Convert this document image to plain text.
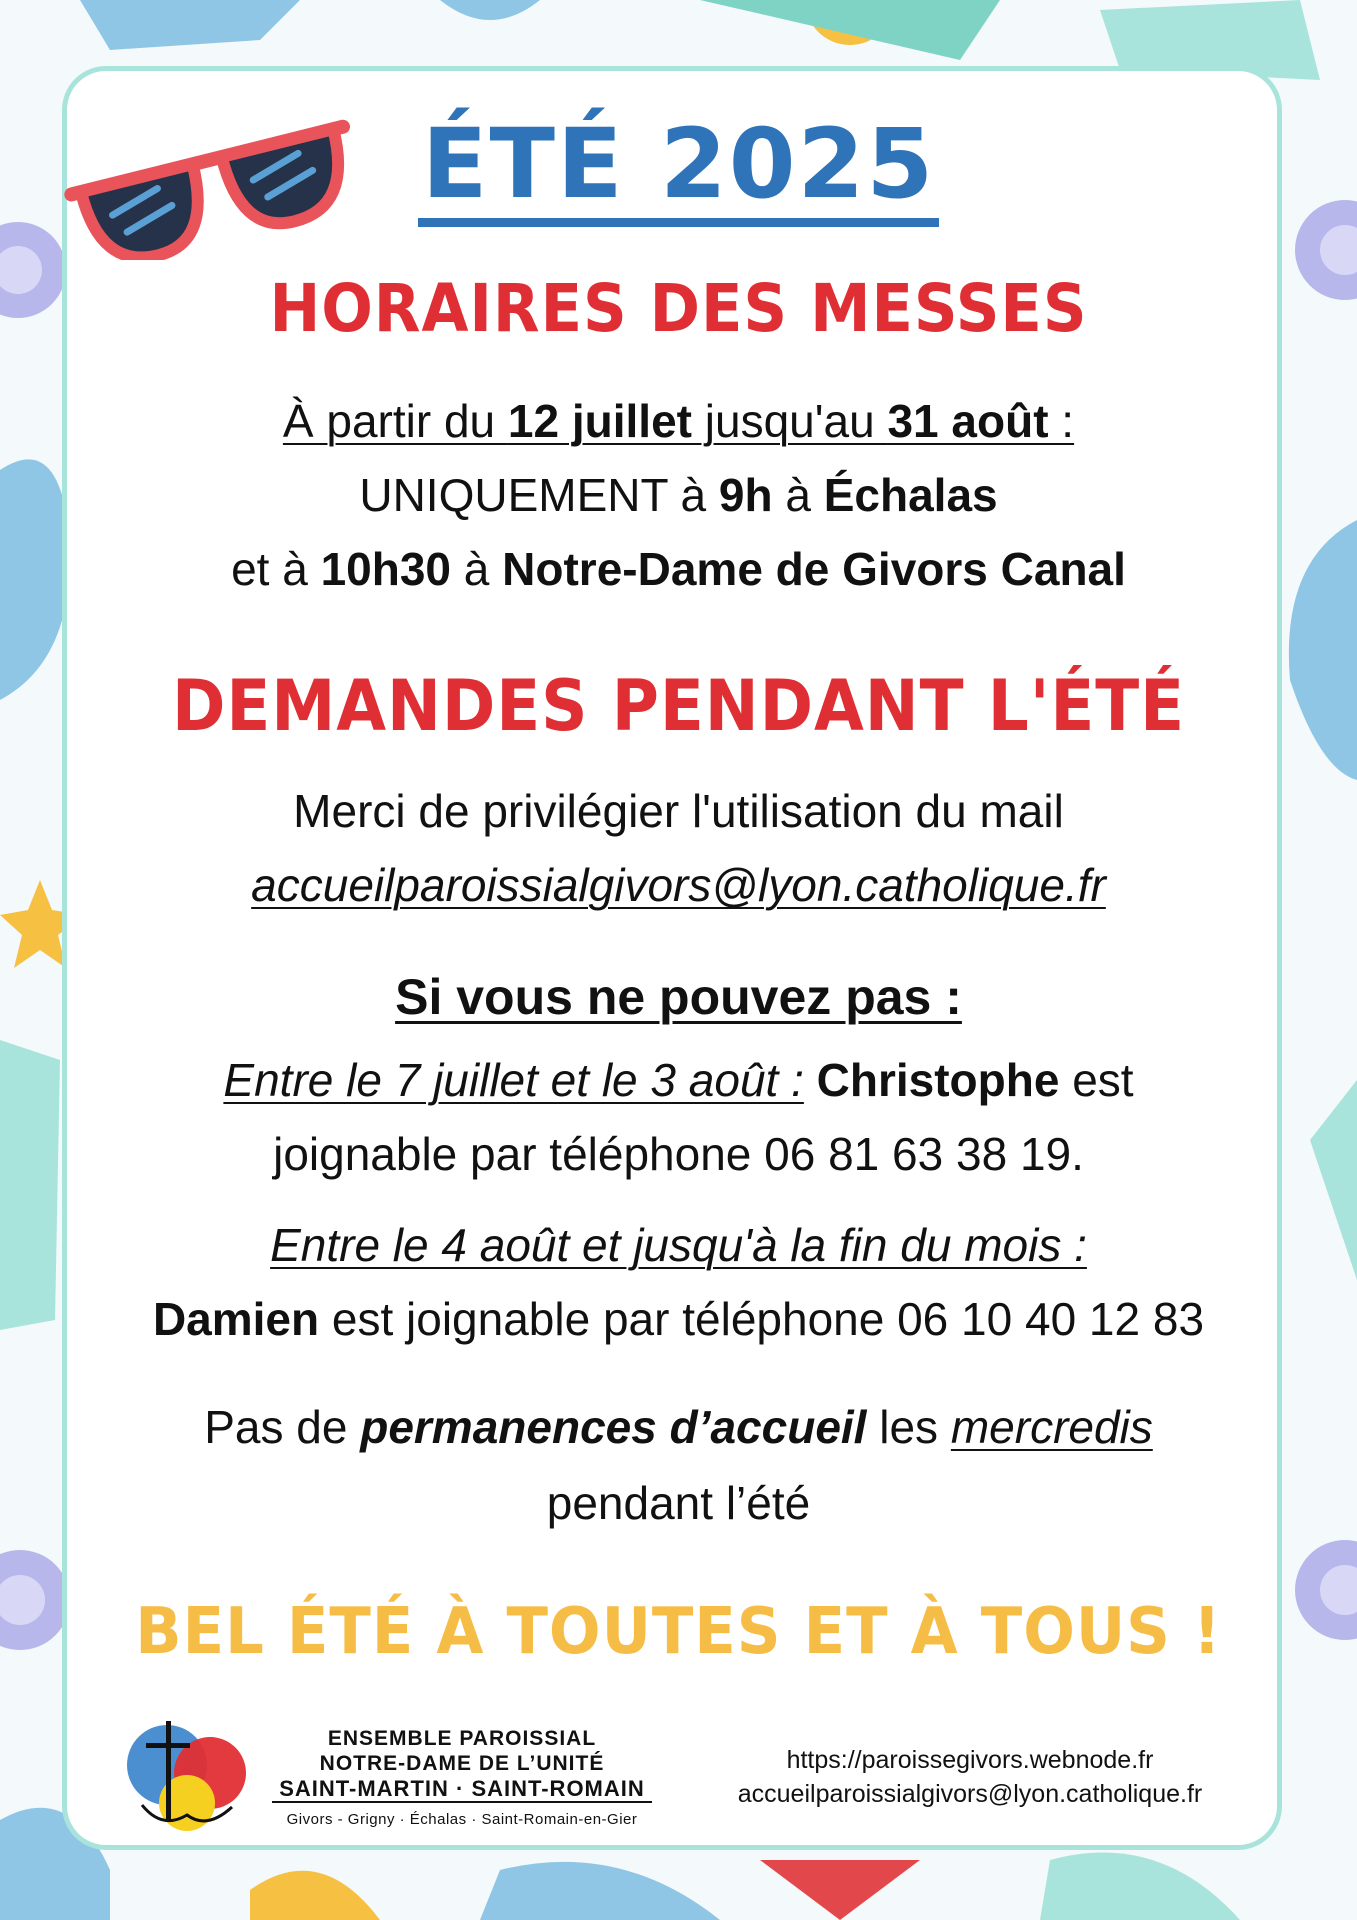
ÉTÉ 2025
HORAIRES DES MESSES
À partir du 12 juillet jusqu'au 31 août :
UNIQUEMENT à 9h à Échalas
et à 10h30 à Notre-Dame de Givors Canal
DEMANDES PENDANT L'ÉTÉ
Merci de privilégier l'utilisation du mail
accueilparoissialgivors@lyon.catholique.fr
Si vous ne pouvez pas :
Entre le 7 juillet et le 3 août : Christophe est
joignable par téléphone 06 81 63 38 19.
Entre le 4 août et jusqu'à la fin du mois :
Damien est joignable par téléphone 06 10 40 12 83
Pas de permanences d’accueil les mercredis
pendant l’été
BEL ÉTÉ À TOUTES ET À TOUS !
ENSEMBLE PAROISSIAL
NOTRE-DAME DE L’UNITÉ
SAINT-MARTIN · SAINT-ROMAIN
Givors - Grigny · Échalas · Saint-Romain-en-Gier
https://paroissegivors.webnode.fr
accueilparoissialgivors@lyon.catholique.fr
